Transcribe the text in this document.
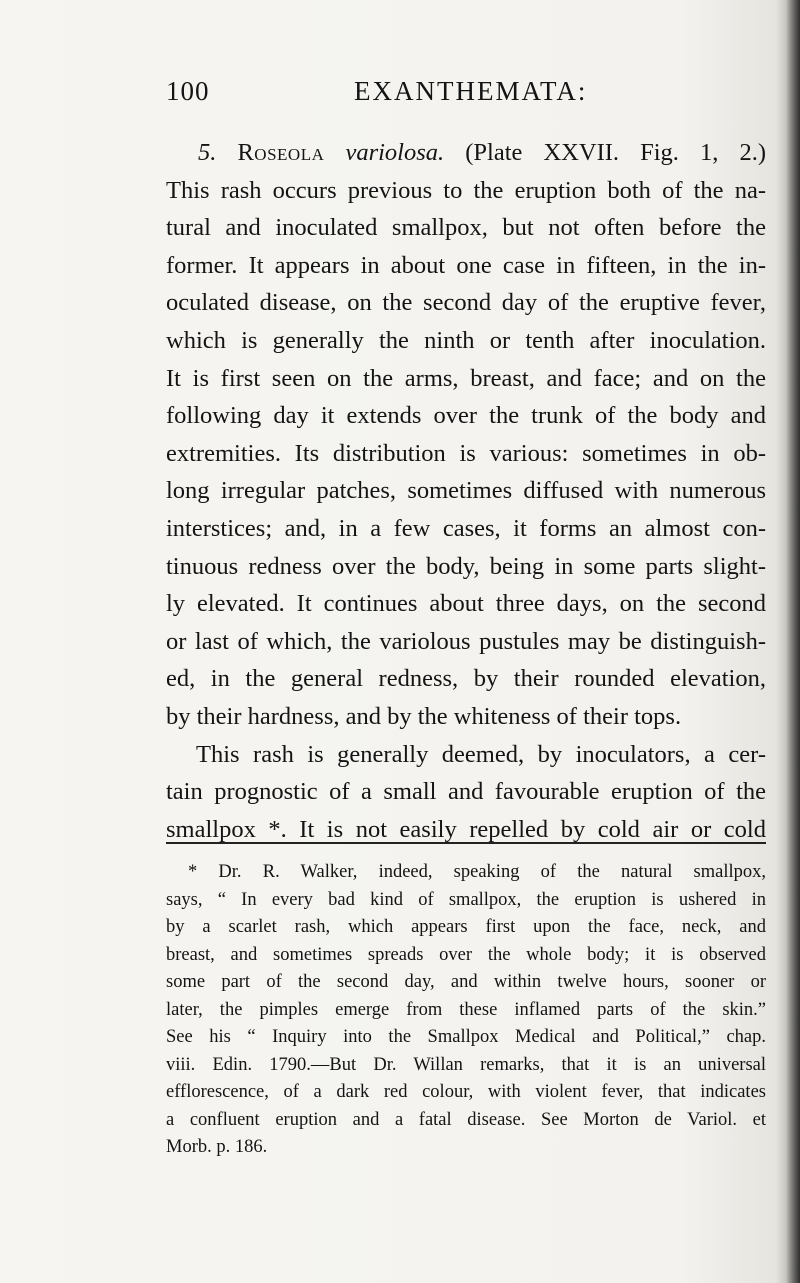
100	EXANTHEMATA:
5. Roseola variolosa. (Plate XXVII. Fig. 1, 2.)
This rash occurs previous to the eruption both of the na-
tural and inoculated smallpox, but not often before the
former. It appears in about one case in fifteen, in the in-
oculated disease, on the second day of the eruptive fever,
which is generally the ninth or tenth after inoculation.
It is first seen on the arms, breast, and face; and on the
following day it extends over the trunk of the body and
extremities. Its distribution is various: sometimes in ob-
long irregular patches, sometimes diffused with numerous
interstices; and, in a few cases, it forms an almost con-
tinuous redness over the body, being in some parts slight-
ly elevated. It continues about three days, on the second
or last of which, the variolous pustules may be distinguish-
ed, in the general redness, by their rounded elevation,
by their hardness, and by the whiteness of their tops.
This rash is generally deemed, by inoculators, a cer-
tain prognostic of a small and favourable eruption of the
smallpox *. It is not easily repelled by cold air or cold
* Dr. R. Walker, indeed, speaking of the natural smallpox,
says, “ In every bad kind of smallpox, the eruption is ushered in
by a scarlet rash, which appears first upon the face, neck, and
breast, and sometimes spreads over the whole body; it is observed
some part of the second day, and within twelve hours, sooner or
later, the pimples emerge from these inflamed parts of the skin.”
See his “ Inquiry into the Smallpox Medical and Political,” chap.
viii. Edin. 1790.—But Dr. Willan remarks, that it is an universal
efflorescence, of a dark red colour, with violent fever, that indicates
a confluent eruption and a fatal disease. See Morton de Variol. et
Morb. p. 186.
